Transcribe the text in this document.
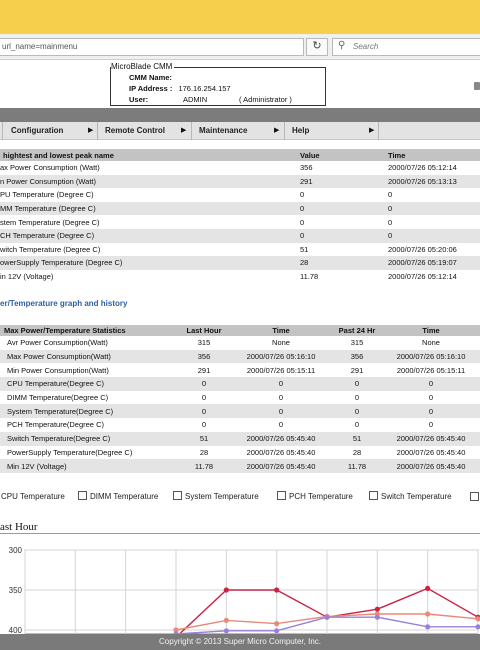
url_name=mainmenu	↻	⚲ Search
MicroBlade CMM
CMM Name:
IP Address : 176.16.254.157
User:	ADMIN	( Administrator )
Configuration	▶ Remote Control ▶ Maintenance	▶ Help	▶
hightest and lowest peak name	Value	Time
ax Power Consumption (Watt)	356	2000/07/26 05:12:14
n Power Consumption (Watt)	291	2000/07/26 05:13:13
PU Temperature (Degree C)	0	0
MM Temperature (Degree C)	0	0
stem Temperature (Degree C)	0	0
CH Temperature (Degree C)	0	0
witch Temperature (Degree C)	51	2000/07/26 05:20:06
owerSupply Temperature (Degree C)	28	2000/07/26 05:19:07
in 12V (Voltage)	11.78	2000/07/26 05:12:14
er/Temperature graph and history
Max Power/Temperature Statistics	Last Hour	Time	Past 24 Hr	Time
Avr Power Consumption(Watt)	315	None	315	None
Max Power Consumption(Watt)	356	2000/07/26 05:16:10	356	2000/07/26 05:16:10
Min Power Consumption(Watt)	291	2000/07/26 05:15:11	291	2000/07/26 05:15:11
CPU Temperature(Degree C)	0	0	0	0
DIMM Temperature(Degree C)	0	0	0	0
System Temperature(Degree C)	0	0	0	0
PCH Temperature(Degree C)	0	0	0	0
Switch Temperature(Degree C)	51	2000/07/26 05:45:40	51	2000/07/26 05:45:40
PowerSupply Temperature(Degree C)	28	2000/07/26 05:45:40	28	2000/07/26 05:45:40
Min 12V (Voltage)	11.78	2000/07/26 05:45:40	11.78	2000/07/26 05:45:40
CPU Temperature	DIMM Temperature	System Temperature	PCH Temperature	Switch Temperature
ast Hour
400
350
300
Copyright © 2013 Super Micro Computer, Inc.
